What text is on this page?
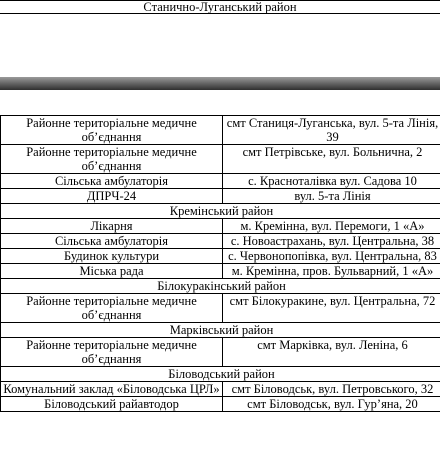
Станично-Луганський район
Районне територіальне медичне об’єднання	смт Станиця-Луганська, вул. 5-та Лінія, 39
Районне територіальне медичне об’єднання	смт Петрівське, вул. Больнична, 2
Сільська амбулаторія	с. Красноталівка вул. Садова 10
ДПРЧ-24	вул. 5-та Лінія
Кремінський район	
Лікарня	м. Кремінна, вул. Перемоги, 1 «А»
Сільська амбулаторія	с. Новоастрахань, вул. Центральна, 38
Будинок культури	с. Червонопопівка, вул. Центральна, 83
Міська рада	м. Кремінна, пров. Бульварний, 1 «А»
Білокуракінський район	
Районне територіальне медичне об’єднання	смт Білокуракине, вул. Центральна, 72
Марківський район	
Районне територіальне медичне об’єднання	смт Марківка, вул. Леніна, 6
Біловодський район	
Комунальний заклад «Біловодська ЦРЛ»	смт Біловодськ, вул. Петровського, 32
Біловодський райавтодор	смт Біловодськ, вул. Гур’яна, 20
